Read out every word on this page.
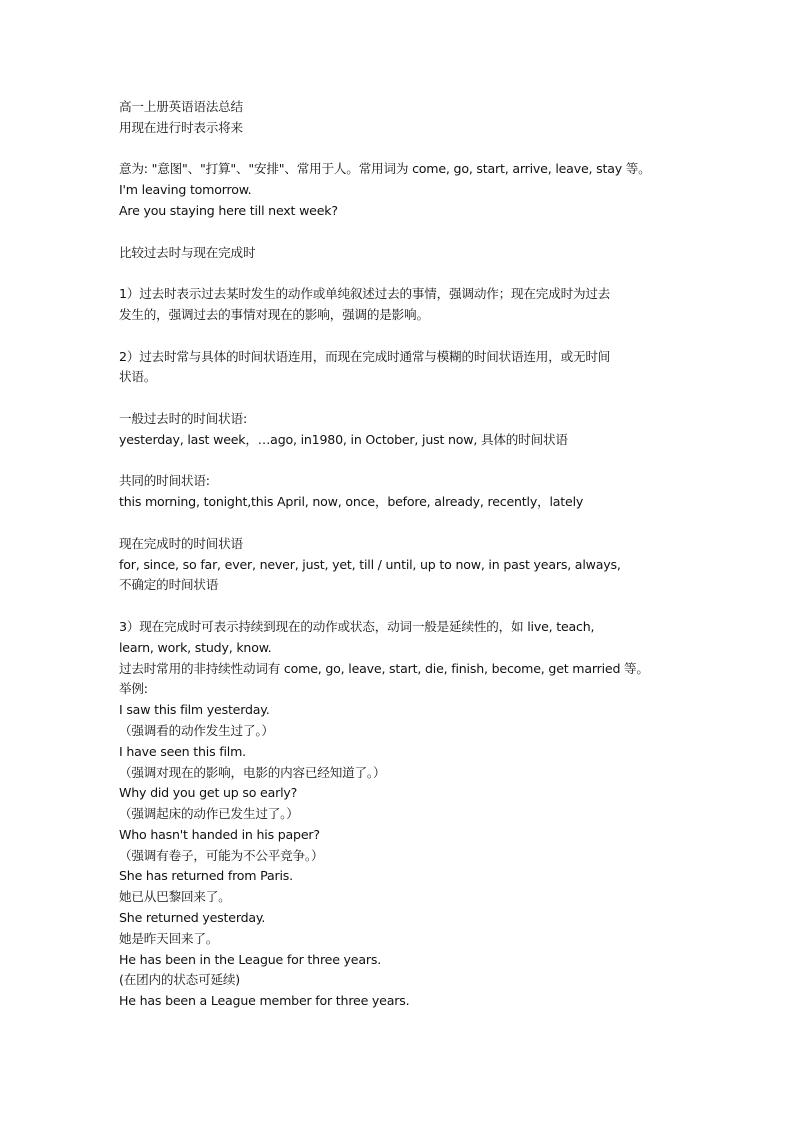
高一上册英语语法总结
用现在进行时表示将来
意为: "意图"、"打算"、"安排"、常用于人。常用词为 come, go, start, arrive, leave, stay 等。
I'm leaving tomorrow.
Are you staying here till next week?
比较过去时与现在完成时
1）过去时表示过去某时发生的动作或单纯叙述过去的事情，强调动作；现在完成时为过去
发生的，强调过去的事情对现在的影响，强调的是影响。
2）过去时常与具体的时间状语连用，而现在完成时通常与模糊的时间状语连用，或无时间
状语。
一般过去时的时间状语:
yesterday, last week，…ago, in1980, in October, just now, 具体的时间状语
共同的时间状语:
this morning, tonight,this April, now, once，before, already, recently，lately
现在完成时的时间状语
for, since, so far, ever, never, just, yet, till / until, up to now, in past years, always,
不确定的时间状语
3）现在完成时可表示持续到现在的动作或状态，动词一般是延续性的，如 live, teach,
learn, work, study, know.
过去时常用的非持续性动词有 come, go, leave, start, die, finish, become, get married 等。
举例:
I saw this film yesterday.
（强调看的动作发生过了。）
I have seen this film.
（强调对现在的影响，电影的内容已经知道了。）
Why did you get up so early?
（强调起床的动作已发生过了。）
Who hasn't handed in his paper?
（强调有卷子，可能为不公平竞争。）
She has returned from Paris.
她已从巴黎回来了。
She returned yesterday.
她是昨天回来了。
He has been in the League for three years.
(在团内的状态可延续)
He has been a League member for three years.
